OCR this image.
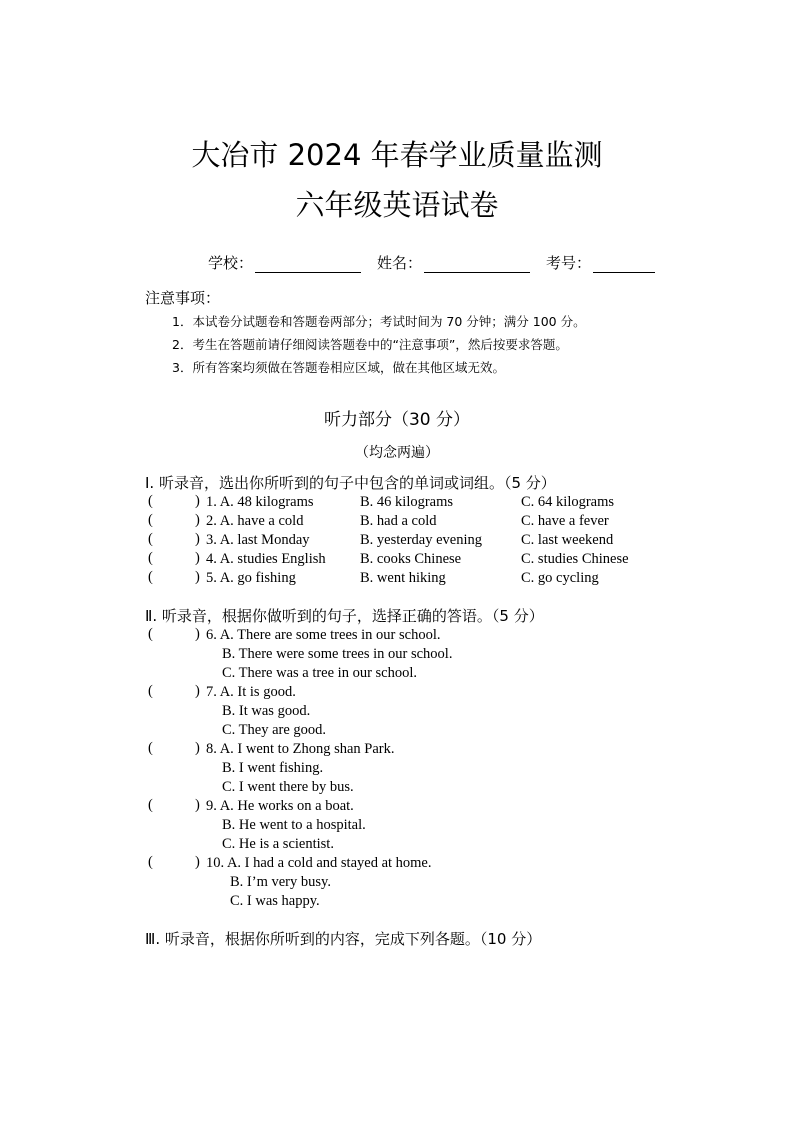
大冶市 2024 年春学业质量监测
六年级英语试卷
学校：	姓名：	考号：
注意事项：
1．本试卷分试题卷和答题卷两部分；考试时间为 70 分钟；满分 100 分。
2．考生在答题前请仔细阅读答题卷中的“注意事项”，然后按要求答题。
3．所有答案均须做在答题卷相应区域，做在其他区域无效。
听力部分（30 分）
（均念两遍）
Ⅰ. 听录音，选出你所听到的句子中包含的单词或词组。（5 分）
(	) 1. A. 48 kilograms	B. 46 kilograms	C. 64 kilograms
(	) 2. A. have a cold	B. had a cold	C. have a fever
(	) 3. A. last Monday	B. yesterday evening	C. last weekend
(	) 4. A. studies English B. cooks Chinese	C. studies Chinese
(	) 5. A. go fishing	B. went hiking	C. go cycling
Ⅱ. 听录音，根据你做听到的句子，选择正确的答语。（5 分）
(	) 6. A. There are some trees in our school.
B. There were some trees in our school.
C. There was a tree in our school.
(	) 7. A. It is good.
B. It was good.
C. They are good.
(	) 8. A. I went to Zhong shan Park.
B. I went fishing.
C. I went there by bus.
(	) 9. A. He works on a boat.
B. He went to a hospital.
C. He is a scientist.
(	) 10. A. I had a cold and stayed at home.
B. I’m very busy.
C. I was happy.
Ⅲ. 听录音，根据你所听到的内容，完成下列各题。（10 分）
